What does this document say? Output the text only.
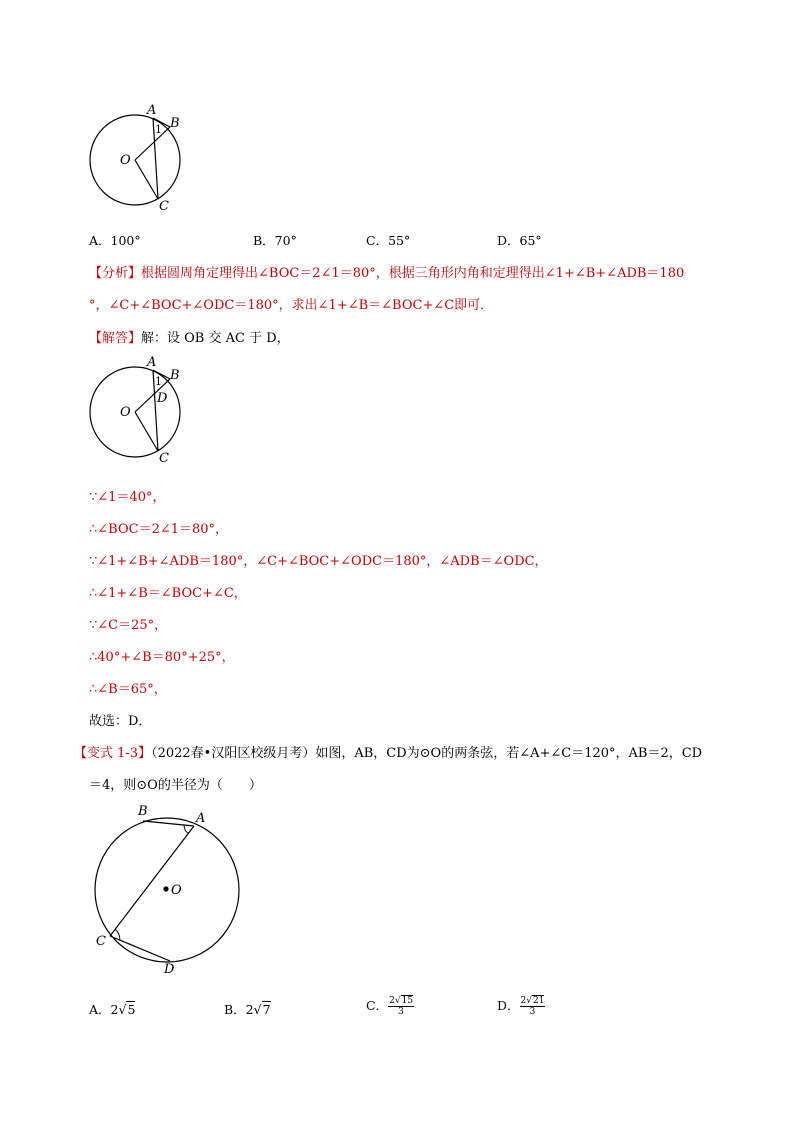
A
B
1
O
C
A．100°	B．70°	C．55°	D．65°
【分析】根据圆周角定理得出∠BOC＝2∠1＝80°，根据三角形内角和定理得出∠1+∠B+∠ADB＝180
°，∠C+∠BOC+∠ODC＝180°，求出∠1+∠B＝∠BOC+∠C即可．
【解答】解：设 OB 交 AC 于 D，
A
B
1
O
D
C
∵∠1＝40°，
∴∠BOC＝2∠1＝80°，
∵∠1+∠B+∠ADB＝180°，∠C+∠BOC+∠ODC＝180°，∠ADB＝∠ODC，
∴∠1+∠B＝∠BOC+∠C，
∵∠C＝25°，
∴40°+∠B＝80°+25°，
∴∠B＝65°，
故选：D．
【变式 1-3】（2022春•汉阳区校级月考）如图，AB，CD为⊙O的两条弦，若∠A+∠C＝120°，AB＝2，CD
＝4，则⊙O的半径为（　　）
B	A
O
C
D
A．2√5	B．2√7	C． $\frac{2√15}{3}$	D． $\frac{2√21}{3}$
